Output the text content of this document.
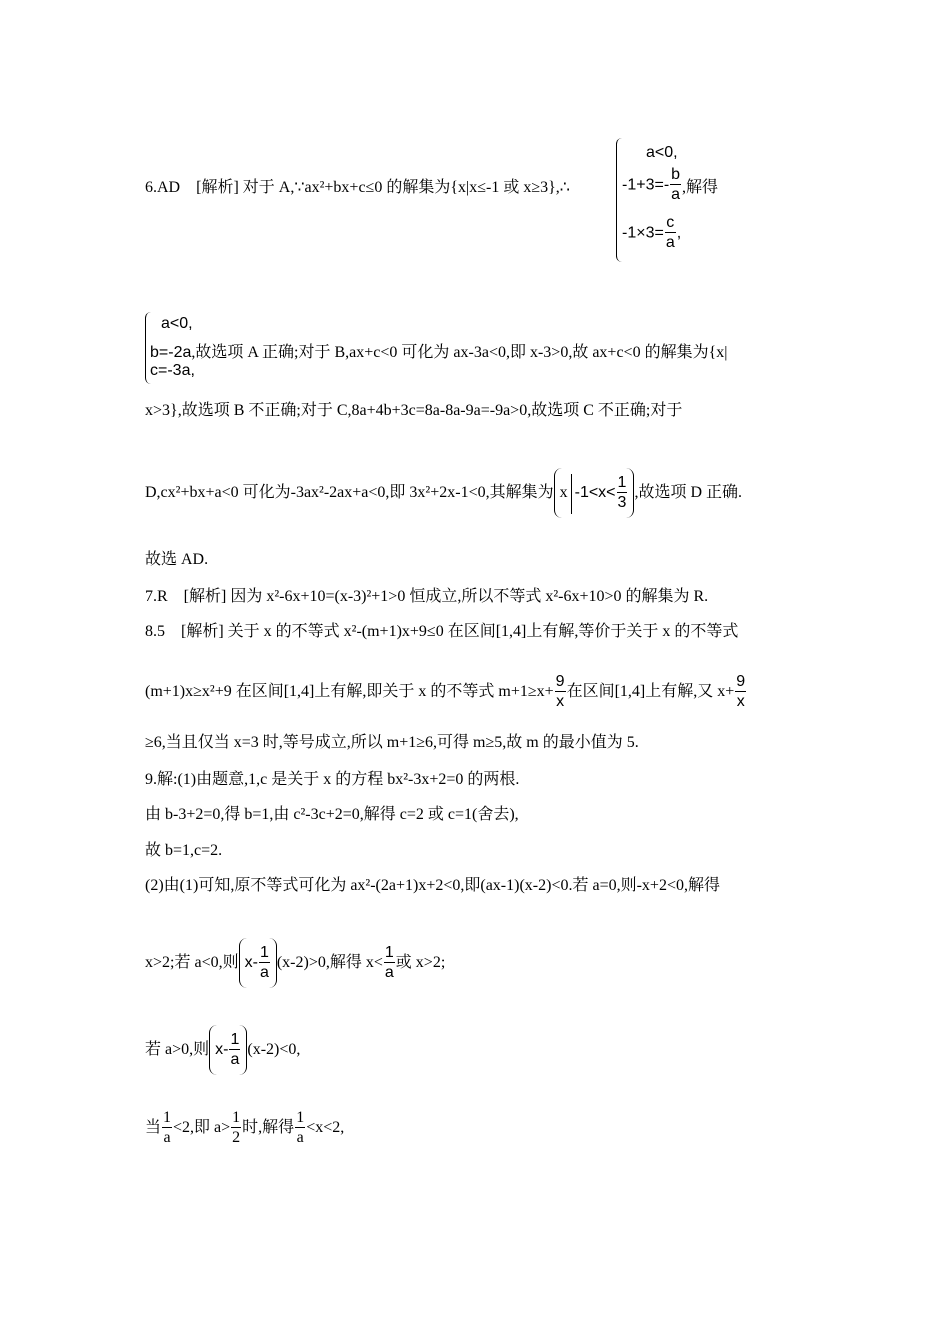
6.AD　[解析] 对于 A,∵ax²+bx+c≤0 的解集为{x|x≤-1 或 x≥3},∴
a<0,
$-1+3=- \frac{b}{a}$ ,解得
$-1\times 3= \frac{c}{a}$ ,
a<0,
b=-2a,故选项 A 正确;对于 B,ax+c<0 可化为 ax-3a<0,即 x-3>0,故 ax+c<0 的解集为{x|
c=-3a,
x>3},故选项 B 不正确;对于 C,8a+4b+3c=8a-8a-9a=-9a>0,故选项 C 不正确;对于
D,cx²+bx+a<0 可化为-3ax²-2ax+a<0,即 3x²+2x-1<0,其解集为 x $-1<x< \frac{1}{3}$ ,故选项 D 正确.
故选 AD.
7.R　[解析] 因为 x²-6x+10=(x-3)²+1>0 恒成立,所以不等式 x²-6x+10>0 的解集为 R.
8.5　[解析] 关于 x 的不等式 x²-(m+1)x+9≤0 在区间[1,4]上有解,等价于关于 x 的不等式
(m+1)x≥x²+9 在区间[1,4]上有解,即关于 x 的不等式 $m+1\ge x+ \frac{9}{x}$ 在区间[1,4]上有解,又 $x+ \frac{9}{x}$
≥6,当且仅当 x=3 时,等号成立,所以 m+1≥6,可得 m≥5,故 m 的最小值为 5.
9.解:(1)由题意,1,c 是关于 x 的方程 bx²-3x+2=0 的两根.
由 b-3+2=0,得 b=1,由 c²-3c+2=0,解得 c=2 或 c=1(舍去),
故 b=1,c=2.
(2)由(1)可知,原不等式可化为 ax²-(2a+1)x+2<0,即(ax-1)(x-2)<0.若 a=0,则-x+2<0,解得
x>2;若 a<0,则 $x- \frac{1}{a} (x-2)>0$,解得 $x< \frac{1}{a}$ 或 x>2;
若 a>0,则 $x- \frac{1}{a} (x-2)<0$,
当 $\frac{1}{a} <2$,即 $a> \frac{1}{2}$ 时,解得 $\frac{1}{a} <x<2$,
